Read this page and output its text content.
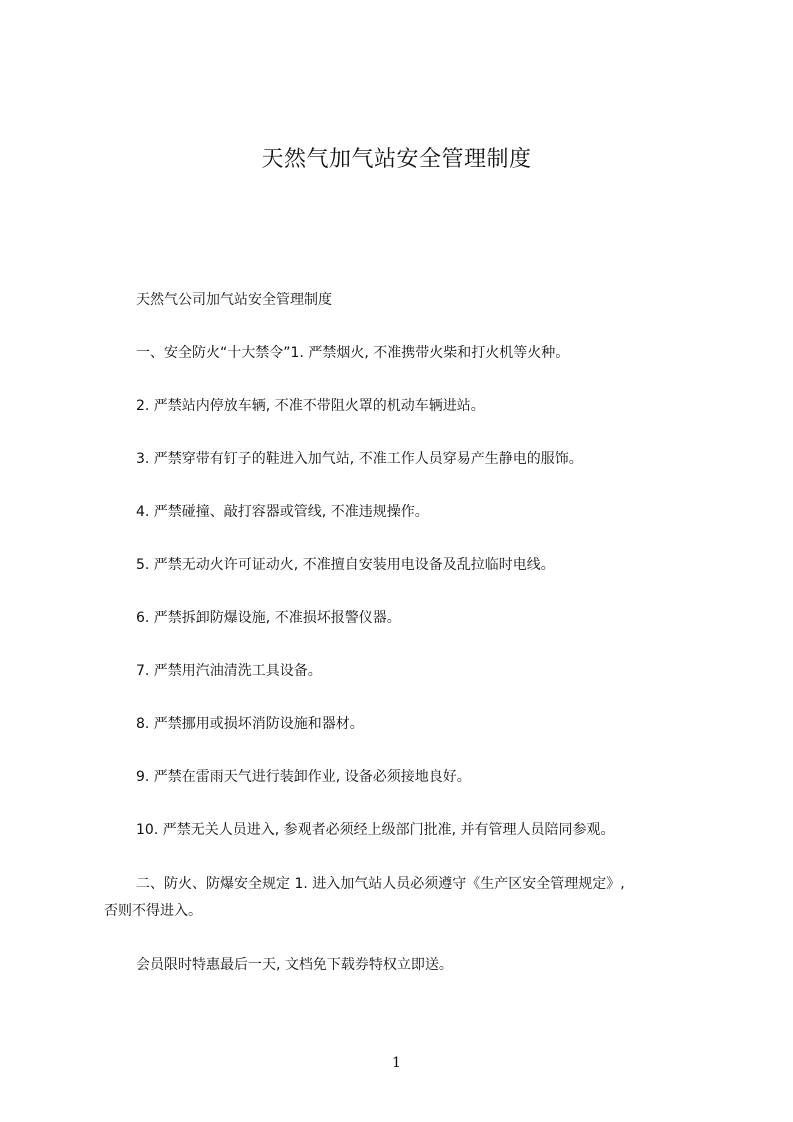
天然气加气站安全管理制度
天然气公司加气站安全管理制度
一、安全防火“十大禁令”1. 严禁烟火, 不准携带火柴和打火机等火种。
2. 严禁站内停放车辆, 不准不带阻火罩的机动车辆进站。
3. 严禁穿带有钉子的鞋进入加气站, 不准工作人员穿易产生静电的服饰。
4. 严禁碰撞、敲打容器或管线, 不准违规操作。
5. 严禁无动火许可证动火, 不准擅自安装用电设备及乱拉临时电线。
6. 严禁拆卸防爆设施, 不准损坏报警仪器。
7. 严禁用汽油清洗工具设备。
8. 严禁挪用或损坏消防设施和器材。
9. 严禁在雷雨天气进行装卸作业, 设备必须接地良好。
10. 严禁无关人员进入, 参观者必须经上级部门批准, 并有管理人员陪同参观。
二、防火、防爆安全规定 1. 进入加气站人员必须遵守《生产区安全管理规定》,
否则不得进入。
会员限时特惠最后一天, 文档免下载券特权立即送。
1
